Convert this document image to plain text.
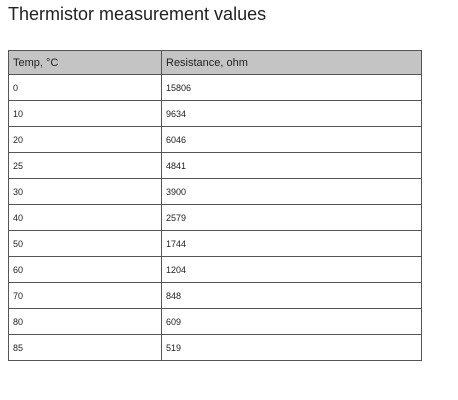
Thermistor measurement values
Temp, °C	Resistance, ohm
0	15806
10	9634
20	6046
25	4841
30	3900
40	2579
50	1744
60	1204
70	848
80	609
85	519
